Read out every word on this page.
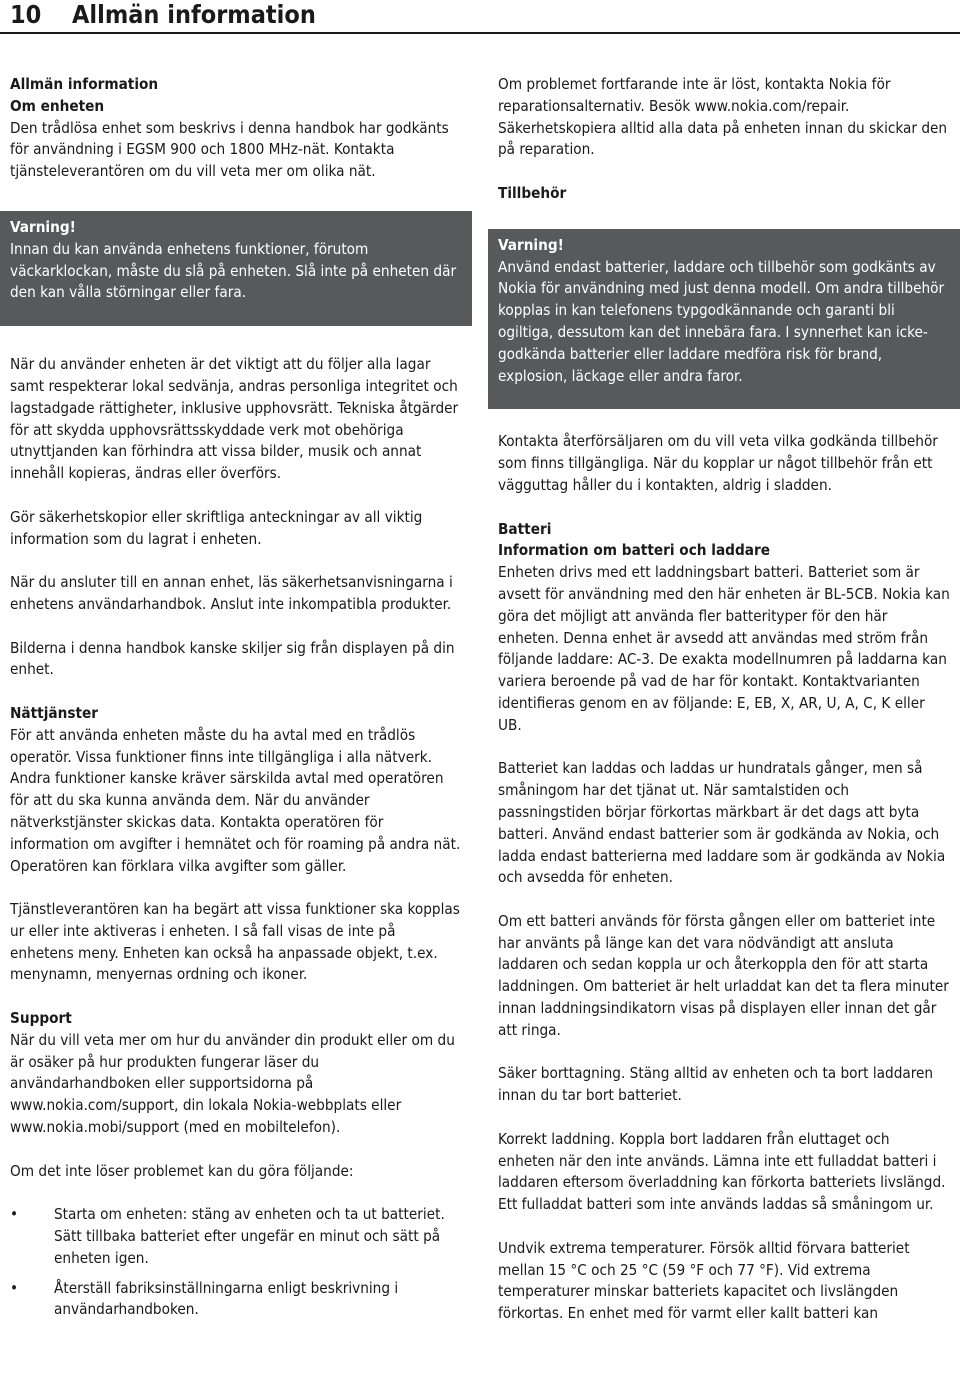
10 Allmän information

Allmän information

Om enheten

Den trådlösa enhet som beskrivs i denna handbok har godkänts för användning i EGSM 900 och 1800 MHz-nät. Kontakta tjänsteleverantören om du vill veta mer om olika nät.

Varning!

Innan du kan använda enhetens funktioner, förutom väckarklockan, måste du slå på enheten. Slå inte på enheten där den kan vålla störningar eller fara.

När du använder enheten är det viktigt att du följer alla lagar samt respekterar lokal sedvänja, andras personliga integritet och lagstadgade rättigheter, inklusive upphovsrätt. Tekniska åtgärder för att skydda upphovsrättsskyddade verk mot obehöriga utnyttjanden kan förhindra att vissa bilder, musik och annat innehåll kopieras, ändras eller överförs.

Gör säkerhetskopior eller skriftliga anteckningar av all viktig information som du lagrat i enheten.

När du ansluter till en annan enhet, läs säkerhetsanvisningarna i enhetens användarhandbok. Anslut inte inkompatibla produkter.

Bilderna i denna handbok kanske skiljer sig från displayen på din enhet.

Nättjänster

För att använda enheten måste du ha avtal med en trådlös operatör. Vissa funktioner finns inte tillgängliga i alla nätverk. Andra funktioner kanske kräver särskilda avtal med operatören för att du ska kunna använda dem. När du använder nätverkstjänster skickas data. Kontakta operatören för information om avgifter i hemnätet och för roaming på andra nät. Operatören kan förklara vilka avgifter som gäller.

Tjänstleverantören kan ha begärt att vissa funktioner ska kopplas ur eller inte aktiveras i enheten. I så fall visas de inte på enhetens meny. Enheten kan också ha anpassade objekt, t.ex. menynamn, menyernas ordning och ikoner.

Support

När du vill veta mer om hur du använder din produkt eller om du är osäker på hur produkten fungerar läser du användarhandboken eller supportsidorna på www.nokia.com/support, din lokala Nokia-webbplats eller www.nokia.mobi/support (med en mobiltelefon).

Om det inte löser problemet kan du göra följande:

• Starta om enheten: stäng av enheten och ta ut batteriet. Sätt tillbaka batteriet efter ungefär en minut och sätt på enheten igen.
• Återställ fabriksinställningarna enligt beskrivning i användarhandboken.

Om problemet fortfarande inte är löst, kontakta Nokia för reparationsalternativ. Besök www.nokia.com/repair. Säkerhetskopiera alltid alla data på enheten innan du skickar den på reparation.

Tillbehör

Varning!

Använd endast batterier, laddare och tillbehör som godkänts av Nokia för användning med just denna modell. Om andra tillbehör kopplas in kan telefonens typgodkännande och garanti bli ogiltiga, dessutom kan det innebära fara. I synnerhet kan icke-godkända batterier eller laddare medföra risk för brand, explosion, läckage eller andra faror.

Kontakta återförsäljaren om du vill veta vilka godkända tillbehör som finns tillgängliga. När du kopplar ur något tillbehör från ett vägguttag håller du i kontakten, aldrig i sladden.

Batteri

Information om batteri och laddare

Enheten drivs med ett laddningsbart batteri. Batteriet som är avsett för användning med den här enheten är BL-5CB. Nokia kan göra det möjligt att använda fler batterityper för den här enheten. Denna enhet är avsedd att användas med ström från följande laddare: AC-3. De exakta modellnumren på laddarna kan variera beroende på vad de har för kontakt. Kontaktvarianten identifieras genom en av följande: E, EB, X, AR, U, A, C, K eller UB.

Batteriet kan laddas och laddas ur hundratals gånger, men så småningom har det tjänat ut. När samtalstiden och passningstiden börjar förkortas märkbart är det dags att byta batteri. Använd endast batterier som är godkända av Nokia, och ladda endast batterierna med laddare som är godkända av Nokia och avsedda för enheten.

Om ett batteri används för första gången eller om batteriet inte har använts på länge kan det vara nödvändigt att ansluta laddaren och sedan koppla ur och återkoppla den för att starta laddningen. Om batteriet är helt urladdat kan det ta flera minuter innan laddningsindikatorn visas på displayen eller innan det går att ringa.

Säker borttagning. Stäng alltid av enheten och ta bort laddaren innan du tar bort batteriet.

Korrekt laddning. Koppla bort laddaren från eluttaget och enheten när den inte används. Lämna inte ett fulladdat batteri i laddaren eftersom överladdning kan förkorta batteriets livslängd. Ett fulladdat batteri som inte används laddas så småningom ur.

Undvik extrema temperaturer. Försök alltid förvara batteriet mellan 15 °C och 25 °C (59 °F och 77 °F). Vid extrema temperaturer minskar batteriets kapacitet och livslängden förkortas. En enhet med för varmt eller kallt batteri kan
